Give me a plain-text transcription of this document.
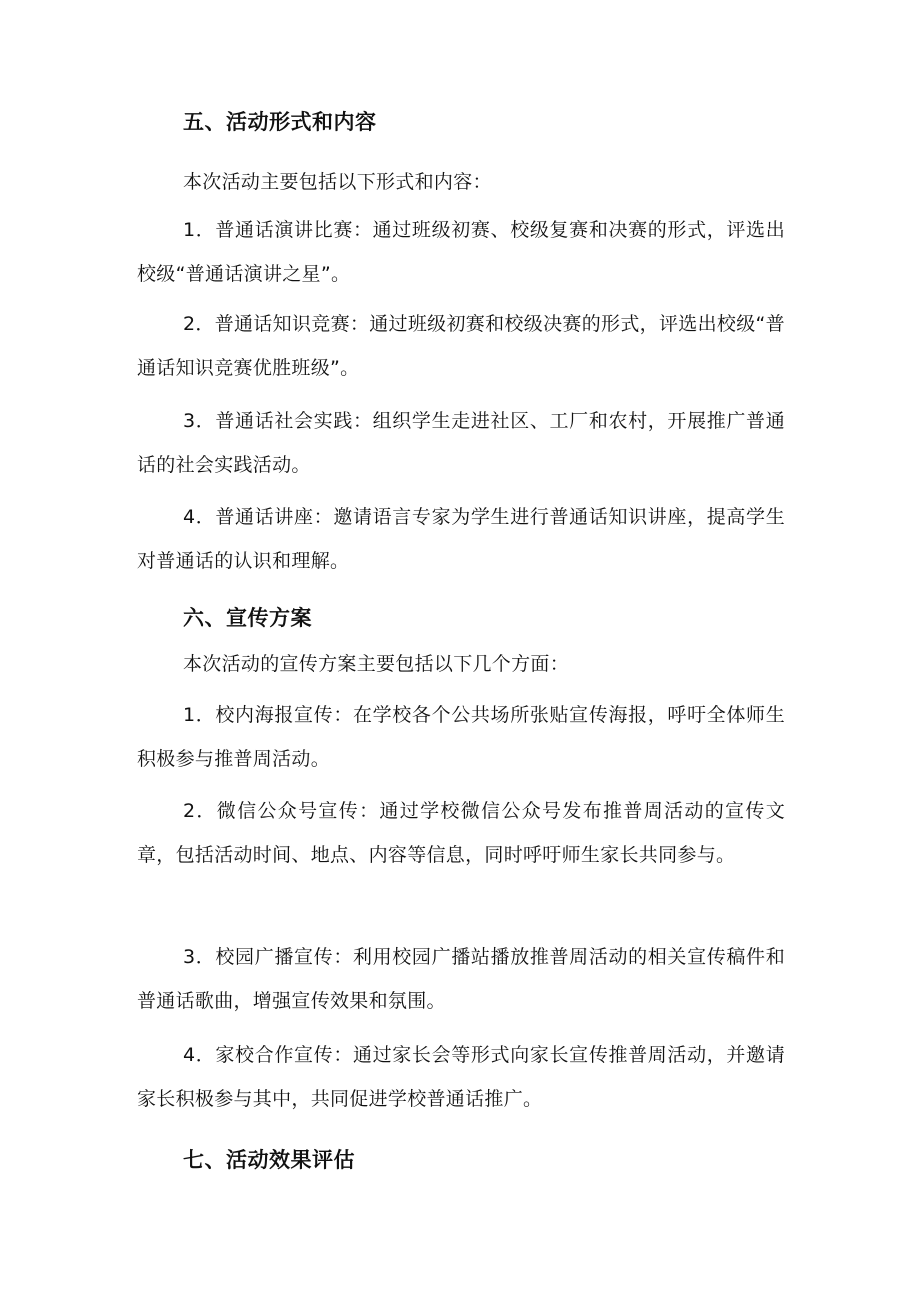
五、活动形式和内容
本次活动主要包括以下形式和内容：
1．普通话演讲比赛：通过班级初赛、校级复赛和决赛的形式，评选出校级“普通话演讲之星”。
2．普通话知识竞赛：通过班级初赛和校级决赛的形式，评选出校级“普通话知识竞赛优胜班级”。
3．普通话社会实践：组织学生走进社区、工厂和农村，开展推广普通话的社会实践活动。
4．普通话讲座：邀请语言专家为学生进行普通话知识讲座，提高学生对普通话的认识和理解。
六、宣传方案
本次活动的宣传方案主要包括以下几个方面：
1．校内海报宣传：在学校各个公共场所张贴宣传海报，呼吁全体师生积极参与推普周活动。
2．微信公众号宣传：通过学校微信公众号发布推普周活动的宣传文章，包括活动时间、地点、内容等信息，同时呼吁师生家长共同参与。
3．校园广播宣传：利用校园广播站播放推普周活动的相关宣传稿件和普通话歌曲，增强宣传效果和氛围。
4．家校合作宣传：通过家长会等形式向家长宣传推普周活动，并邀请家长积极参与其中，共同促进学校普通话推广。
七、活动效果评估
